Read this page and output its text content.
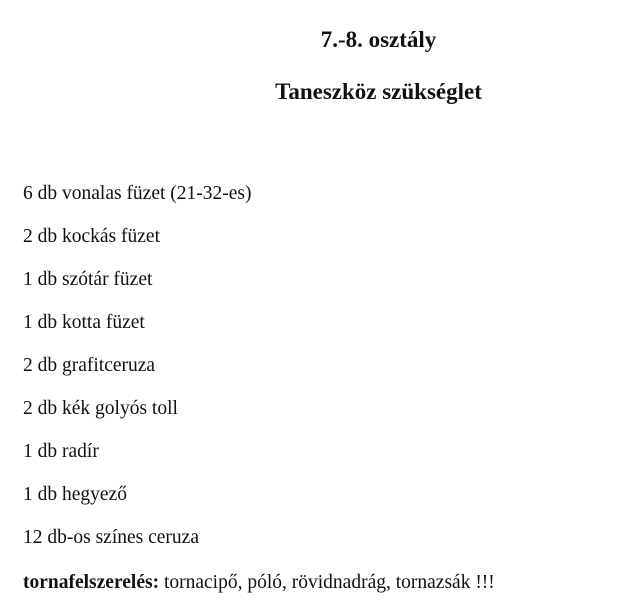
7.-8. osztály
Taneszköz szükséglet
6 db vonalas füzet (21-32-es)
2 db kockás füzet
1 db szótár füzet
1 db kotta füzet
2 db grafitceruza
2 db kék golyós toll
1 db radír
1 db hegyező
12 db-os színes ceruza
tornafelszerelés: tornacipő, póló, rövidnadrág, tornazsák !!!
